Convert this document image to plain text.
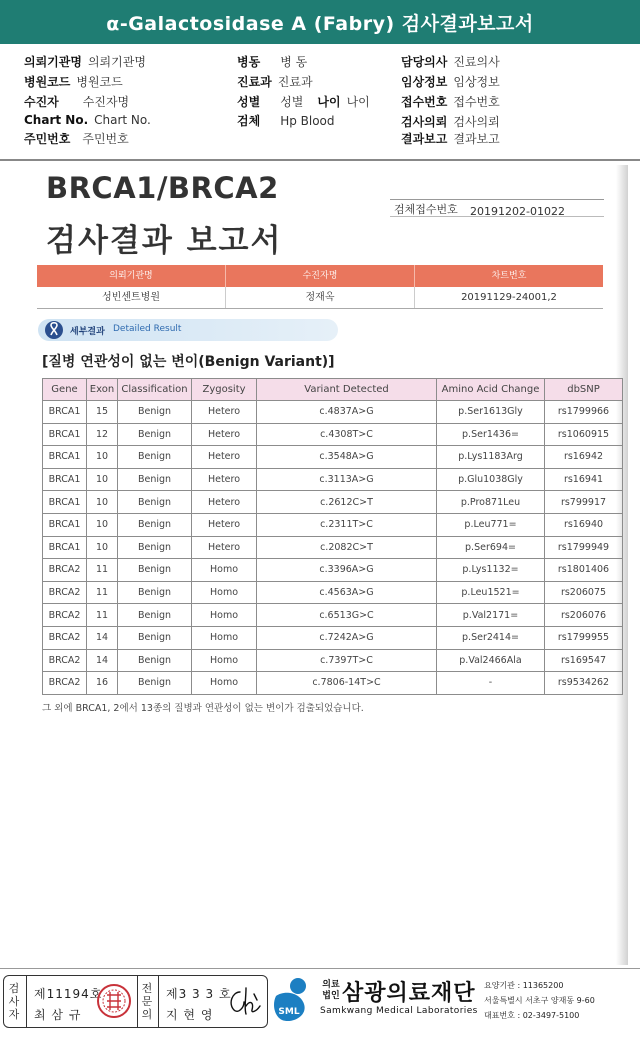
α-Galactosidase A (Fabry) 검사결과보고서
의뢰기관명 의뢰기관명
병원코드 병원코드
수진자 수진자명
Chart No. Chart No.
주민번호 주민번호
병동 병 동
진료과 진료과
성별 성별 나이 나이
검체 Hp Blood
담당의사 진료의사
임상정보 임상정보
접수번호 접수번호
검사의뢰 검사의뢰
결과보고 결과보고
BRCA1/BRCA2
검사결과 보고서
검체접수번호 20191202-01022
의뢰기관명	수진자명	차트번호
성빈센트병원	정재옥	20191129-24001,2
세부결과 Detailed Result
[질병 연관성이 없는 변이(Benign Variant)]
Gene	Exon	Classification	Zygosity	Variant Detected	Amino Acid Change	dbSNP
BRCA1	15	Benign	Hetero	c.4837A>G	p.Ser1613Gly	rs1799966
BRCA1	12	Benign	Hetero	c.4308T>C	p.Ser1436=	rs1060915
BRCA1	10	Benign	Hetero	c.3548A>G	p.Lys1183Arg	rs16942
BRCA1	10	Benign	Hetero	c.3113A>G	p.Glu1038Gly	rs16941
BRCA1	10	Benign	Hetero	c.2612C>T	p.Pro871Leu	rs799917
BRCA1	10	Benign	Hetero	c.2311T>C	p.Leu771=	rs16940
BRCA1	10	Benign	Hetero	c.2082C>T	p.Ser694=	rs1799949
BRCA2	11	Benign	Homo	c.3396A>G	p.Lys1132=	rs1801406
BRCA2	11	Benign	Homo	c.4563A>G	p.Leu1521=	rs206075
BRCA2	11	Benign	Homo	c.6513G>C	p.Val2171=	rs206076
BRCA2	14	Benign	Homo	c.7242A>G	p.Ser2414=	rs1799955
BRCA2	14	Benign	Homo	c.7397T>C	p.Val2466Ala	rs169547
BRCA2	16	Benign	Homo	c.7806-14T>C	-	rs9534262
그 외에 BRCA1, 2에서 13종의 질병과 연관성이 없는 변이가 검출되었습니다.
검
사
자
제11194호
최 삼 규
전
문
의
제3 3 3 호
지 현 영	SML
의료법인 삼광의료재단
Samkwang Medical Laboratories
요양기관 : 11365200
서울특별시 서초구 양재동 9-60
대표번호 : 02-3497-5100
